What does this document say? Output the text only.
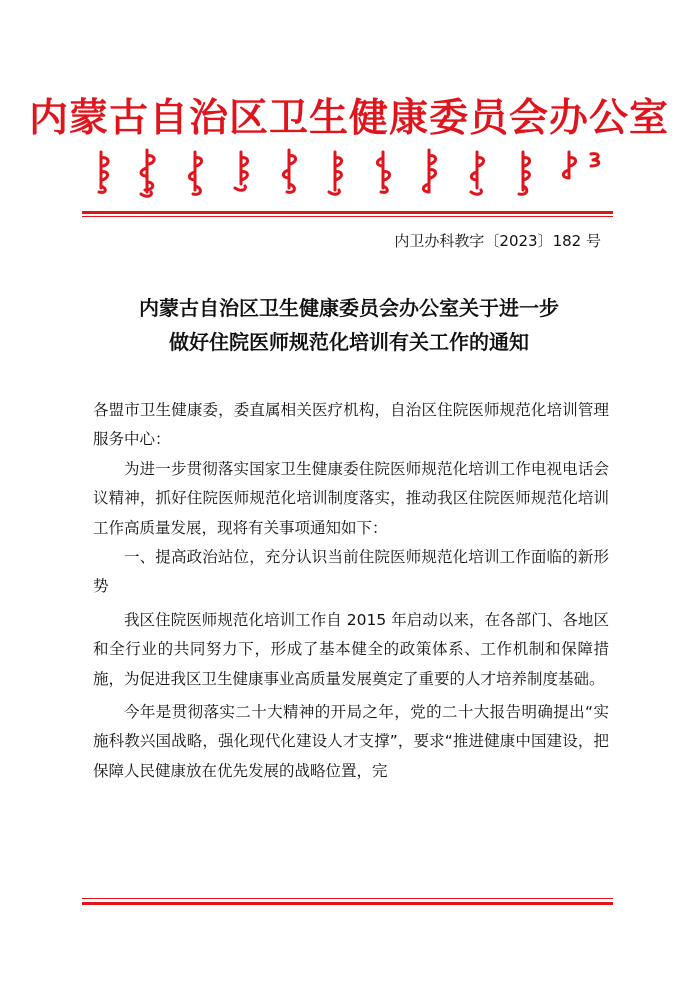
内蒙古自治区卫生健康委员会办公室
内卫办科教字〔2023〕182 号
内蒙古自治区卫生健康委员会办公室关于进一步
做好住院医师规范化培训有关工作的通知

各盟市卫生健康委，委直属相关医疗机构，自治区住院医师规范化培训管理服务中心：

为进一步贯彻落实国家卫生健康委住院医师规范化培训工作电视电话会议精神，抓好住院医师规范化培训制度落实，推动我区住院医师规范化培训工作高质量发展，现将有关事项通知如下：

一、提高政治站位，充分认识当前住院医师规范化培训工作面临的新形势

我区住院医师规范化培训工作自 2015 年启动以来，在各部门、各地区和全行业的共同努力下，形成了基本健全的政策体系、工作机制和保障措施，为促进我区卫生健康事业高质量发展奠定了重要的人才培养制度基础。

今年是贯彻落实二十大精神的开局之年，党的二十大报告明确提出“实施科教兴国战略，强化现代化建设人才支撑”，要求“推进健康中国建设，把保障人民健康放在优先发展的战略位置，完
